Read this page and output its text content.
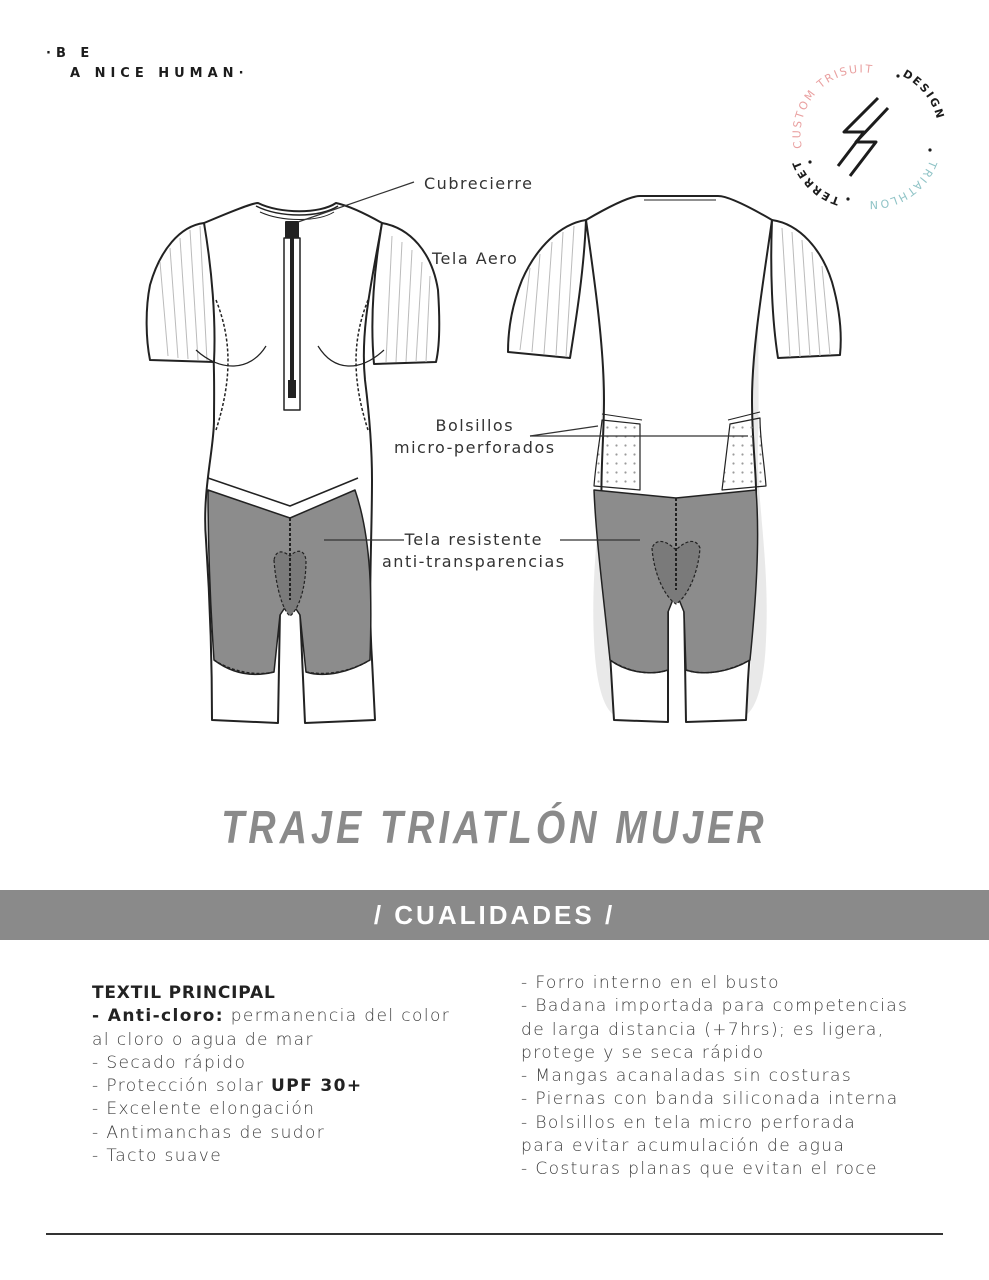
·B E
A NICE HUMAN·
CUSTOM TRISUIT DESIGN
TRIATHLON
TERRET
Cubrecierre
Tela Aero
Bolsillos
micro-perforados
Tela resistente
anti-transparencias
TRAJE TRIATLÓN MUJER
/ CUALIDADES /
TEXTIL PRINCIPAL
- Anti-cloro: permanencia del color
al cloro o agua de mar
- Secado rápido
- Protección solar UPF 30+
- Excelente elongación
- Antimanchas de sudor
- Tacto suave
- Forro interno en el busto
- Badana importada para competencias
de larga distancia (+7hrs); es ligera,
protege y se seca rápido
- Mangas acanaladas sin costuras
- Piernas con banda siliconada interna
- Bolsillos en tela micro perforada
para evitar acumulación de agua
- Costuras planas que evitan el roce
